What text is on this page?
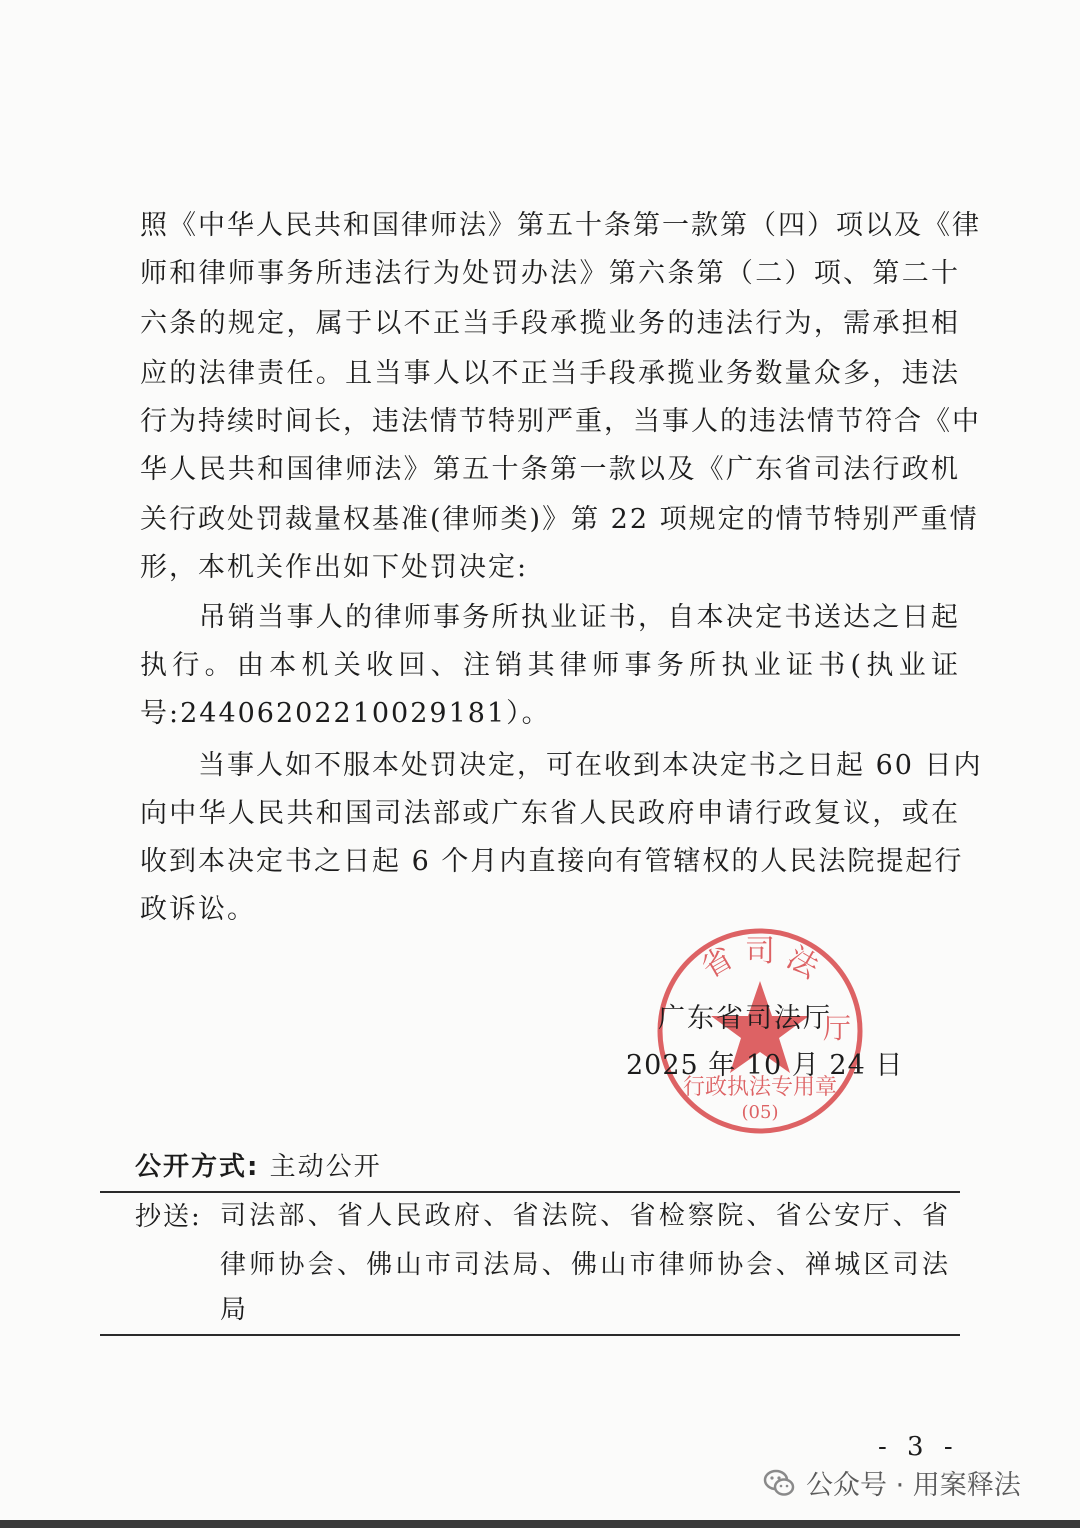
照《中华人民共和国律师法》第五十条第一款第（四）项以及《律
师和律师事务所违法行为处罚办法》第六条第（二）项、第二十
六条的规定，属于以不正当手段承揽业务的违法行为，需承担相
应的法律责任。且当事人以不正当手段承揽业务数量众多，违法
行为持续时间长，违法情节特别严重，当事人的违法情节符合《中
华人民共和国律师法》第五十条第一款以及《广东省司法行政机
关行政处罚裁量权基准(律师类)》第 22 项规定的情节特别严重情
形，本机关作出如下处罚决定:
　　吊销当事人的律师事务所执业证书，自本决定书送达之日起
执行。由本机关收回、注销其律师事务所执业证书(执业证
号:24406202210029181）。
　　当事人如不服本处罚决定，可在收到本决定书之日起 60 日内
向中华人民共和国司法部或广东省人民政府申请行政复议，或在
收到本决定书之日起 6 个月内直接向有管辖权的人民法院提起行
政诉讼。
省 司 法
厅
行政执法专用章
(05)
广东省司法厅
2025 年 10 月 24 日
公开方式: 主动公开
抄送: 司法部、省人民政府、省法院、省检察院、省公安厅、省
律师协会、佛山市司法局、佛山市律师协会、禅城区司法
局
- 3 -
公众号 · 用案释法
